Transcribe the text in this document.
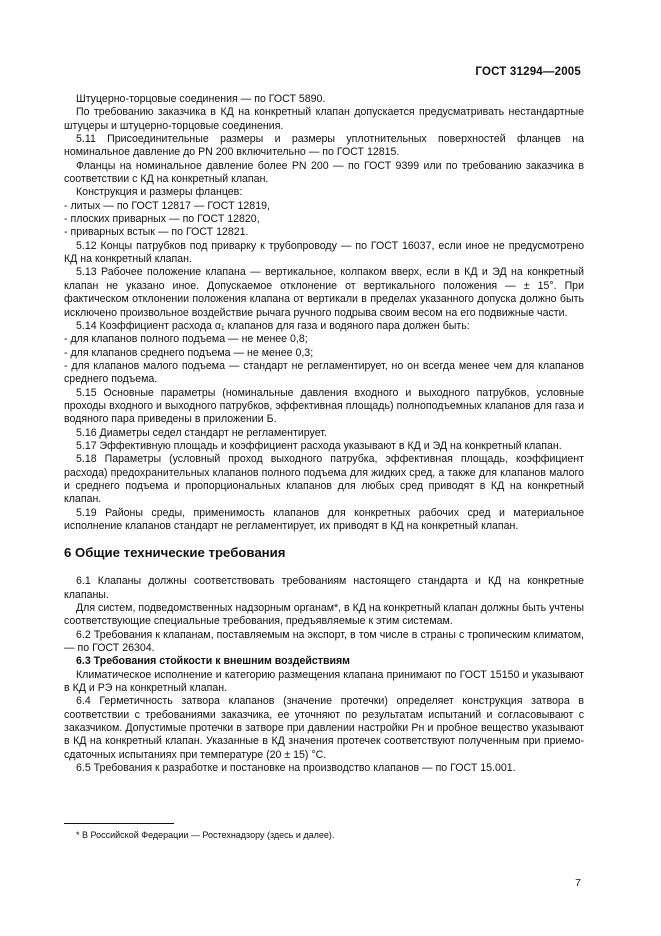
ГОСТ 31294—2005

Штуцерно-торцовые соединения — по ГОСТ 5890.

По требованию заказчика в КД на конкретный клапан допускается предусматривать нестандартные штуцеры и штуцерно-торцовые соединения.

5.11 Присоединительные размеры и размеры уплотнительных поверхностей фланцев на номинальное давление до PN 200 включительно — по ГОСТ 12815.

Фланцы на номинальное давление более PN 200 — по ГОСТ 9399 или по требованию заказчика в соответствии с КД на конкретный клапан.

Конструкция и размеры фланцев:

- литых — по ГОСТ 12817 — ГОСТ 12819,

- плоских приварных — по ГОСТ 12820,

- приварных встык — по ГОСТ 12821.

5.12 Концы патрубков под приварку к трубопроводу — по ГОСТ 16037, если иное не предусмотрено КД на конкретный клапан.

5.13 Рабочее положение клапана — вертикальное, колпаком вверх, если в КД и ЭД на конкретный клапан не указано иное. Допускаемое отклонение от вертикального положения — ± 15°. При фактическом отклонении положения клапана от вертикали в пределах указанного допуска должно быть исключено произвольное воздействие рычага ручного подрыва своим весом на его подвижные части.

5.14 Коэффициент расхода α₁ клапанов для газа и водяного пара должен быть:

- для клапанов полного подъема — не менее 0,8;

- для клапанов среднего подъема — не менее 0,3;

- для клапанов малого подъема — стандарт не регламентирует, но он всегда менее чем для клапанов среднего подъема.

5.15 Основные параметры (номинальные давления входного и выходного патрубков, условные проходы входного и выходного патрубков, эффективная площадь) полноподъемных клапанов для газа и водяного пара приведены в приложении Б.

5.16 Диаметры седел стандарт не регламентирует.

5.17 Эффективную площадь и коэффициент расхода указывают в КД и ЭД на конкретный клапан.

5.18 Параметры (условный проход выходного патрубка, эффективная площадь, коэффициент расхода) предохранительных клапанов полного подъема для жидких сред, а также для клапанов малого и среднего подъема и пропорциональных клапанов для любых сред приводят в КД на конкретный клапан.

5.19 Районы среды, применимость клапанов для конкретных рабочих сред и материальное исполнение клапанов стандарт не регламентирует, их приводят в КД на конкретный клапан.

6 Общие технические требования

6.1 Клапаны должны соответствовать требованиям настоящего стандарта и КД на конкретные клапаны.

Для систем, подведомственных надзорным органам*, в КД на конкретный клапан должны быть учтены соответствующие специальные требования, предъявляемые к этим системам.

6.2 Требования к клапанам, поставляемым на экспорт, в том числе в страны с тропическим климатом, — по ГОСТ 26304.

6.3 Требования стойкости к внешним воздействиям

Климатическое исполнение и категорию размещения клапана принимают по ГОСТ 15150 и указывают в КД и РЭ на конкретный клапан.

6.4 Герметичность затвора клапанов (значение протечки) определяет конструкция затвора в соответствии с требованиями заказчика, ее уточняют по результатам испытаний и согласовывают с заказчиком. Допустимые протечки в затворе при давлении настройки Pн и пробное вещество указывают в КД на конкретный клапан. Указанные в КД значения протечек соответствуют полученным при приемо-сдаточных испытаниях при температуре (20 ± 15) °С.

6.5 Требования к разработке и постановке на производство клапанов — по ГОСТ 15.001.

* В Российской Федерации — Ростехнадзору (здесь и далее).
7
